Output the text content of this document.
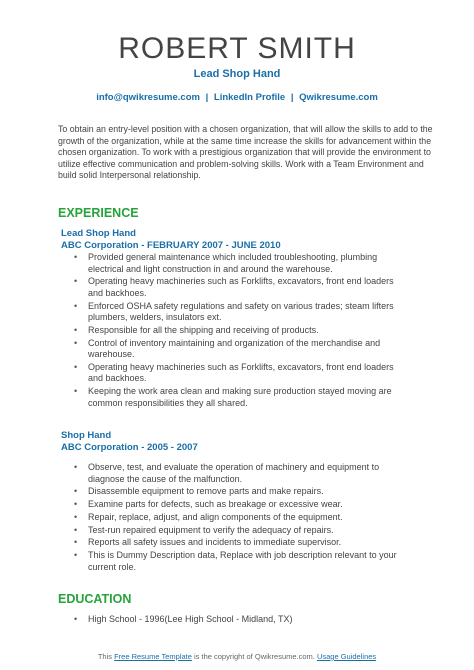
ROBERT SMITH
Lead Shop Hand
info@qwikresume.com | LinkedIn Profile | Qwikresume.com
To obtain an entry-level position with a chosen organization, that will allow the skills to add to the growth of the organization, while at the same time increase the skills for advancement within the chosen organization. To work with a prestigious organization that will provide the environment to utilize effective communication and problem-solving skills. Work with a Team Environment and build solid Interpersonal relationship.
EXPERIENCE
Lead Shop Hand
ABC Corporation - FEBRUARY 2007 - JUNE 2010
• Provided general maintenance which included troubleshooting, plumbing electrical and light construction in and around the warehouse.
• Operating heavy machineries such as Forklifts, excavators, front end loaders and backhoes.
• Enforced OSHA safety regulations and safety on various trades; steam lifters plumbers, welders, insulators ext.
• Responsible for all the shipping and receiving of products.
• Control of inventory maintaining and organization of the merchandise and warehouse.
• Operating heavy machineries such as Forklifts, excavators, front end loaders and backhoes.
• Keeping the work area clean and making sure production stayed moving are common responsibilities they all shared.
Shop Hand
ABC Corporation - 2005 - 2007
• Observe, test, and evaluate the operation of machinery and equipment to diagnose the cause of the malfunction.
• Disassemble equipment to remove parts and make repairs.
• Examine parts for defects, such as breakage or excessive wear.
• Repair, replace, adjust, and align components of the equipment.
• Test-run repaired equipment to verify the adequacy of repairs.
• Reports all safety issues and incidents to immediate supervisor.
• This is Dummy Description data, Replace with job description relevant to your current role.
EDUCATION
• High School - 1996(Lee High School - Midland, TX)
This Free Resume Template is the copyright of Qwikresume.com. Usage Guidelines
